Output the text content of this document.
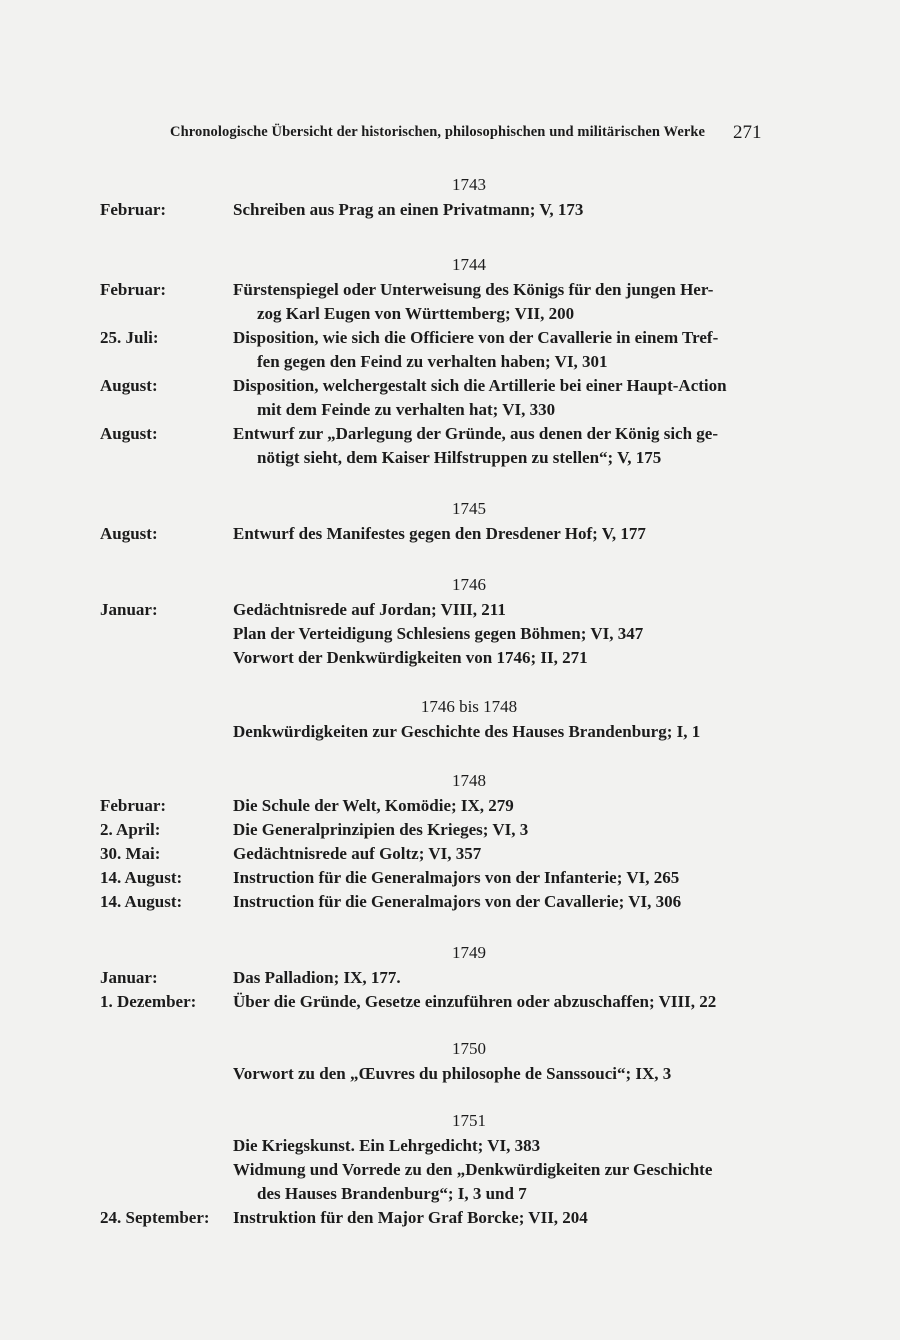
Chronologische Übersicht der historischen, philosophischen und militärischen Werke 271
1743
Februar:	Schreiben aus Prag an einen Privatmann; V, 173
1744
Februar:	Fürstenspiegel oder Unterweisung des Königs für den jungen Her-
zog Karl Eugen von Württemberg; VII, 200
25. Juli:	Disposition, wie sich die Officiere von der Cavallerie in einem Tref-
fen gegen den Feind zu verhalten haben; VI, 301
August:	Disposition, welchergestalt sich die Artillerie bei einer Haupt-Action
mit dem Feinde zu verhalten hat; VI, 330
August:	Entwurf zur „Darlegung der Gründe, aus denen der König sich ge-
nötigt sieht, dem Kaiser Hilfstruppen zu stellen“; V, 175
1745
August:	Entwurf des Manifestes gegen den Dresdener Hof; V, 177
1746
Januar:	Gedächtnisrede auf Jordan; VIII, 211
Plan der Verteidigung Schlesiens gegen Böhmen; VI, 347
Vorwort der Denkwürdigkeiten von 1746; II, 271
1746 bis 1748
Denkwürdigkeiten zur Geschichte des Hauses Brandenburg; I, 1
1748
Februar:	Die Schule der Welt, Komödie; IX, 279
2. April:	Die Generalprinzipien des Krieges; VI, 3
30. Mai:	Gedächtnisrede auf Goltz; VI, 357
14. August:	Instruction für die Generalmajors von der Infanterie; VI, 265
14. August:	Instruction für die Generalmajors von der Cavallerie; VI, 306
1749
Januar:	Das Palladion; IX, 177.
1. Dezember:	Über die Gründe, Gesetze einzuführen oder abzuschaffen; VIII, 22
1750
Vorwort zu den „Œuvres du philosophe de Sanssouci“; IX, 3
1751
Die Kriegskunst. Ein Lehrgedicht; VI, 383
Widmung und Vorrede zu den „Denkwürdigkeiten zur Geschichte
des Hauses Brandenburg“; I, 3 und 7
24. September:	Instruktion für den Major Graf Borcke; VII, 204
